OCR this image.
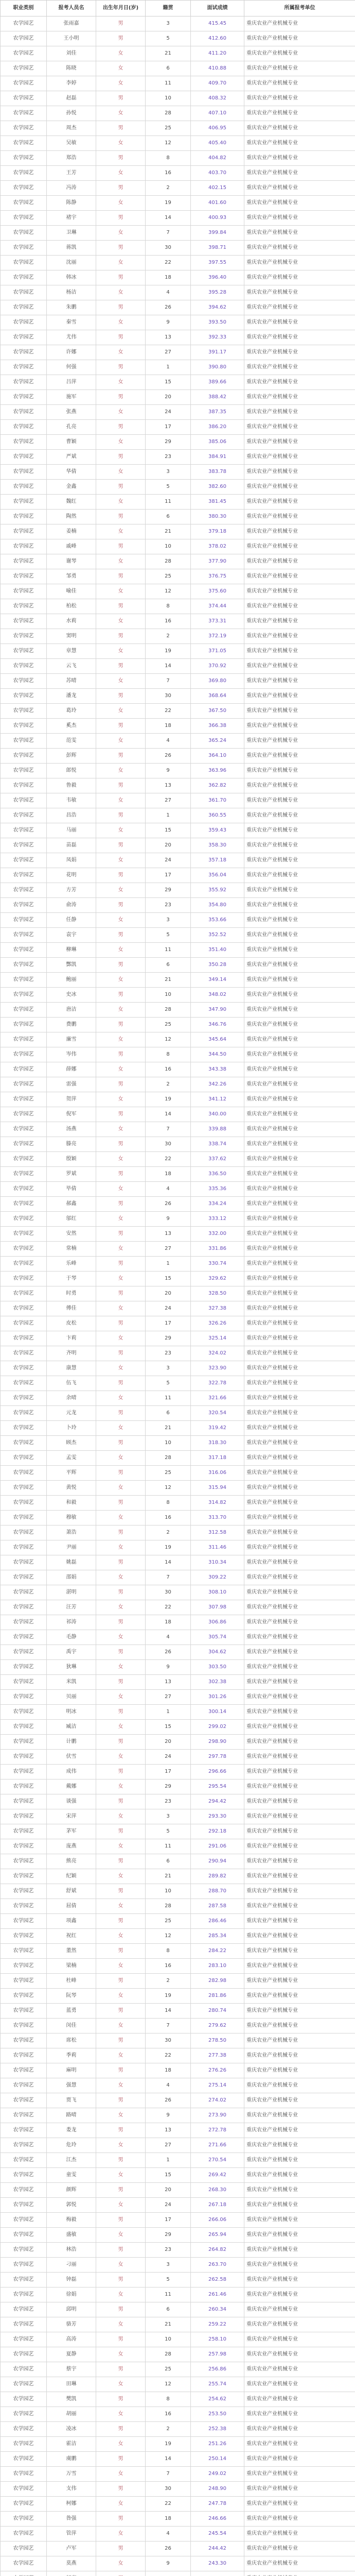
职业类别	报考人员名	出生年月日(岁)	籍贯	面试成绩	所属报考单位
农学园艺	张雨嘉	男	3	415.45	重庆农业产业机械专业
农学园艺	王小明	男	5	412.60	重庆农业产业机械专业
农学园艺	刘佳	女	21	411.20	重庆农业产业机械专业
农学园艺	陈晓	女	6	410.88	重庆农业产业机械专业
农学园艺	李婷	女	11	409.70	重庆农业产业机械专业
农学园艺	赵磊	男	10	408.32	重庆农业产业机械专业
农学园艺	孙悦	女	28	407.10	重庆农业产业机械专业
农学园艺	周杰	男	25	406.95	重庆农业产业机械专业
农学园艺	吴敏	女	12	405.40	重庆农业产业机械专业
农学园艺	郑浩	男	8	404.82	重庆农业产业机械专业
农学园艺	王芳	女	16	403.70	重庆农业产业机械专业
农学园艺	冯涛	男	2	402.15	重庆农业产业机械专业
农学园艺	陈静	女	19	401.60	重庆农业产业机械专业
农学园艺	褚宇	男	14	400.93	重庆农业产业机械专业
农学园艺	卫琳	女	7	399.84	重庆农业产业机械专业
农学园艺	蒋凯	男	30	398.71	重庆农业产业机械专业
农学园艺	沈丽	女	22	397.55	重庆农业产业机械专业
农学园艺	韩冰	男	18	396.40	重庆农业产业机械专业
农学园艺	杨洁	女	4	395.28	重庆农业产业机械专业
农学园艺	朱鹏	男	26	394.62	重庆农业产业机械专业
农学园艺	秦雪	女	9	393.50	重庆农业产业机械专业
农学园艺	尤伟	男	13	392.33	重庆农业产业机械专业
农学园艺	许娜	女	27	391.17	重庆农业产业机械专业
农学园艺	何强	男	1	390.80	重庆农业产业机械专业
农学园艺	吕萍	女	15	389.66	重庆农业产业机械专业
农学园艺	施军	男	20	388.42	重庆农业产业机械专业
农学园艺	张燕	女	24	387.35	重庆农业产业机械专业
农学园艺	孔亮	男	17	386.20	重庆农业产业机械专业
农学园艺	曹颖	女	29	385.06	重庆农业产业机械专业
农学园艺	严斌	男	23	384.91	重庆农业产业机械专业
农学园艺	华倩	女	3	383.78	重庆农业产业机械专业
农学园艺	金鑫	男	5	382.60	重庆农业产业机械专业
农学园艺	魏红	女	11	381.45	重庆农业产业机械专业
农学园艺	陶然	男	6	380.30	重庆农业产业机械专业
农学园艺	姜楠	女	21	379.18	重庆农业产业机械专业
农学园艺	戚峰	男	10	378.02	重庆农业产业机械专业
农学园艺	谢琴	女	28	377.90	重庆农业产业机械专业
农学园艺	邹勇	男	25	376.75	重庆农业产业机械专业
农学园艺	喻佳	女	12	375.60	重庆农业产业机械专业
农学园艺	柏松	男	8	374.44	重庆农业产业机械专业
农学园艺	水莉	女	16	373.31	重庆农业产业机械专业
农学园艺	窦明	男	2	372.19	重庆农业产业机械专业
农学园艺	章慧	女	19	371.05	重庆农业产业机械专业
农学园艺	云飞	男	14	370.92	重庆农业产业机械专业
农学园艺	苏晴	女	7	369.80	重庆农业产业机械专业
农学园艺	潘龙	男	30	368.64	重庆农业产业机械专业
农学园艺	葛玲	女	22	367.50	重庆农业产业机械专业
农学园艺	奚杰	男	18	366.38	重庆农业产业机械专业
农学园艺	范雯	女	4	365.24	重庆农业产业机械专业
农学园艺	彭辉	男	26	364.10	重庆农业产业机械专业
农学园艺	郎悦	女	9	363.96	重庆农业产业机械专业
农学园艺	鲁毅	男	13	362.82	重庆农业产业机械专业
农学园艺	韦敏	女	27	361.70	重庆农业产业机械专业
农学园艺	昌浩	男	1	360.55	重庆农业产业机械专业
农学园艺	马丽	女	15	359.43	重庆农业产业机械专业
农学园艺	苗磊	男	20	358.30	重庆农业产业机械专业
农学园艺	凤娟	女	24	357.18	重庆农业产业机械专业
农学园艺	花明	男	17	356.04	重庆农业产业机械专业
农学园艺	方芳	女	29	355.92	重庆农业产业机械专业
农学园艺	俞涛	男	23	354.80	重庆农业产业机械专业
农学园艺	任静	女	3	353.66	重庆农业产业机械专业
农学园艺	袁宇	男	5	352.52	重庆农业产业机械专业
农学园艺	柳琳	女	11	351.40	重庆农业产业机械专业
农学园艺	酆凯	男	6	350.28	重庆农业产业机械专业
农学园艺	鲍丽	女	21	349.14	重庆农业产业机械专业
农学园艺	史冰	男	10	348.02	重庆农业产业机械专业
农学园艺	唐洁	女	28	347.90	重庆农业产业机械专业
农学园艺	费鹏	男	25	346.76	重庆农业产业机械专业
农学园艺	廉雪	女	12	345.64	重庆农业产业机械专业
农学园艺	岑伟	男	8	344.50	重庆农业产业机械专业
农学园艺	薛娜	女	16	343.38	重庆农业产业机械专业
农学园艺	雷强	男	2	342.26	重庆农业产业机械专业
农学园艺	贺萍	女	19	341.12	重庆农业产业机械专业
农学园艺	倪军	男	14	340.00	重庆农业产业机械专业
农学园艺	汤燕	女	7	339.88	重庆农业产业机械专业
农学园艺	滕亮	男	30	338.74	重庆农业产业机械专业
农学园艺	殷颖	女	22	337.62	重庆农业产业机械专业
农学园艺	罗斌	男	18	336.50	重庆农业产业机械专业
农学园艺	毕倩	女	4	335.36	重庆农业产业机械专业
农学园艺	郝鑫	男	26	334.24	重庆农业产业机械专业
农学园艺	邬红	女	9	333.12	重庆农业产业机械专业
农学园艺	安然	男	13	332.00	重庆农业产业机械专业
农学园艺	常楠	女	27	331.86	重庆农业产业机械专业
农学园艺	乐峰	男	1	330.74	重庆农业产业机械专业
农学园艺	于琴	女	15	329.62	重庆农业产业机械专业
农学园艺	时勇	男	20	328.50	重庆农业产业机械专业
农学园艺	傅佳	女	24	327.38	重庆农业产业机械专业
农学园艺	皮松	男	17	326.26	重庆农业产业机械专业
农学园艺	卞莉	女	29	325.14	重庆农业产业机械专业
农学园艺	齐明	男	23	324.02	重庆农业产业机械专业
农学园艺	康慧	女	3	323.90	重庆农业产业机械专业
农学园艺	伍飞	男	5	322.78	重庆农业产业机械专业
农学园艺	余晴	女	11	321.66	重庆农业产业机械专业
农学园艺	元龙	男	6	320.54	重庆农业产业机械专业
农学园艺	卜玲	女	21	319.42	重庆农业产业机械专业
农学园艺	顾杰	男	10	318.30	重庆农业产业机械专业
农学园艺	孟雯	女	28	317.18	重庆农业产业机械专业
农学园艺	平辉	男	25	316.06	重庆农业产业机械专业
农学园艺	黄悦	女	12	315.94	重庆农业产业机械专业
农学园艺	和毅	男	8	314.82	重庆农业产业机械专业
农学园艺	穆敏	女	16	313.70	重庆农业产业机械专业
农学园艺	萧浩	男	2	312.58	重庆农业产业机械专业
农学园艺	尹丽	女	19	311.46	重庆农业产业机械专业
农学园艺	姚磊	男	14	310.34	重庆农业产业机械专业
农学园艺	邵娟	女	7	309.22	重庆农业产业机械专业
农学园艺	湛明	男	30	308.10	重庆农业产业机械专业
农学园艺	汪芳	女	22	307.98	重庆农业产业机械专业
农学园艺	祁涛	男	18	306.86	重庆农业产业机械专业
农学园艺	毛静	女	4	305.74	重庆农业产业机械专业
农学园艺	禹宇	男	26	304.62	重庆农业产业机械专业
农学园艺	狄琳	女	9	303.50	重庆农业产业机械专业
农学园艺	米凯	男	13	302.38	重庆农业产业机械专业
农学园艺	贝丽	女	27	301.26	重庆农业产业机械专业
农学园艺	明冰	男	1	300.14	重庆农业产业机械专业
农学园艺	臧洁	女	15	299.02	重庆农业产业机械专业
农学园艺	计鹏	男	20	298.90	重庆农业产业机械专业
农学园艺	伏雪	女	24	297.78	重庆农业产业机械专业
农学园艺	成伟	男	17	296.66	重庆农业产业机械专业
农学园艺	戴娜	女	29	295.54	重庆农业产业机械专业
农学园艺	谈强	男	23	294.42	重庆农业产业机械专业
农学园艺	宋萍	女	3	293.30	重庆农业产业机械专业
农学园艺	茅军	男	5	292.18	重庆农业产业机械专业
农学园艺	庞燕	女	11	291.06	重庆农业产业机械专业
农学园艺	熊亮	男	6	290.94	重庆农业产业机械专业
农学园艺	纪颖	女	21	289.82	重庆农业产业机械专业
农学园艺	舒斌	男	10	288.70	重庆农业产业机械专业
农学园艺	屈倩	女	28	287.58	重庆农业产业机械专业
农学园艺	项鑫	男	25	286.46	重庆农业产业机械专业
农学园艺	祝红	女	12	285.34	重庆农业产业机械专业
农学园艺	董然	男	8	284.22	重庆农业产业机械专业
农学园艺	梁楠	女	16	283.10	重庆农业产业机械专业
农学园艺	杜峰	男	2	282.98	重庆农业产业机械专业
农学园艺	阮琴	女	19	281.86	重庆农业产业机械专业
农学园艺	蓝勇	男	14	280.74	重庆农业产业机械专业
农学园艺	闵佳	女	7	279.62	重庆农业产业机械专业
农学园艺	席松	男	30	278.50	重庆农业产业机械专业
农学园艺	季莉	女	22	277.38	重庆农业产业机械专业
农学园艺	麻明	男	18	276.26	重庆农业产业机械专业
农学园艺	强慧	女	4	275.14	重庆农业产业机械专业
农学园艺	贾飞	男	26	274.02	重庆农业产业机械专业
农学园艺	路晴	女	9	273.90	重庆农业产业机械专业
农学园艺	娄龙	男	13	272.78	重庆农业产业机械专业
农学园艺	危玲	女	27	271.66	重庆农业产业机械专业
农学园艺	江杰	男	1	270.54	重庆农业产业机械专业
农学园艺	童雯	女	15	269.42	重庆农业产业机械专业
农学园艺	颜辉	男	20	268.30	重庆农业产业机械专业
农学园艺	郭悦	女	24	267.18	重庆农业产业机械专业
农学园艺	梅毅	男	17	266.06	重庆农业产业机械专业
农学园艺	盛敏	女	29	265.94	重庆农业产业机械专业
农学园艺	林浩	男	23	264.82	重庆农业产业机械专业
农学园艺	刁丽	女	3	263.70	重庆农业产业机械专业
农学园艺	钟磊	男	5	262.58	重庆农业产业机械专业
农学园艺	徐娟	女	11	261.46	重庆农业产业机械专业
农学园艺	邱明	男	6	260.34	重庆农业产业机械专业
农学园艺	骆芳	女	21	259.22	重庆农业产业机械专业
农学园艺	高涛	男	10	258.10	重庆农业产业机械专业
农学园艺	夏静	女	28	257.98	重庆农业产业机械专业
农学园艺	蔡宇	男	25	256.86	重庆农业产业机械专业
农学园艺	田琳	女	12	255.74	重庆农业产业机械专业
农学园艺	樊凯	男	8	254.62	重庆农业产业机械专业
农学园艺	胡丽	女	16	253.50	重庆农业产业机械专业
农学园艺	凌冰	男	2	252.38	重庆农业产业机械专业
农学园艺	霍洁	女	19	251.26	重庆农业产业机械专业
农学园艺	虞鹏	男	14	250.14	重庆农业产业机械专业
农学园艺	万雪	女	7	249.02	重庆农业产业机械专业
农学园艺	支伟	男	30	248.90	重庆农业产业机械专业
农学园艺	柯娜	女	22	247.78	重庆农业产业机械专业
农学园艺	昝强	男	18	246.66	重庆农业产业机械专业
农学园艺	管萍	女	4	245.54	重庆农业产业机械专业
农学园艺	卢军	男	26	244.42	重庆农业产业机械专业
农学园艺	莫燕	女	9	243.30	重庆农业产业机械专业
